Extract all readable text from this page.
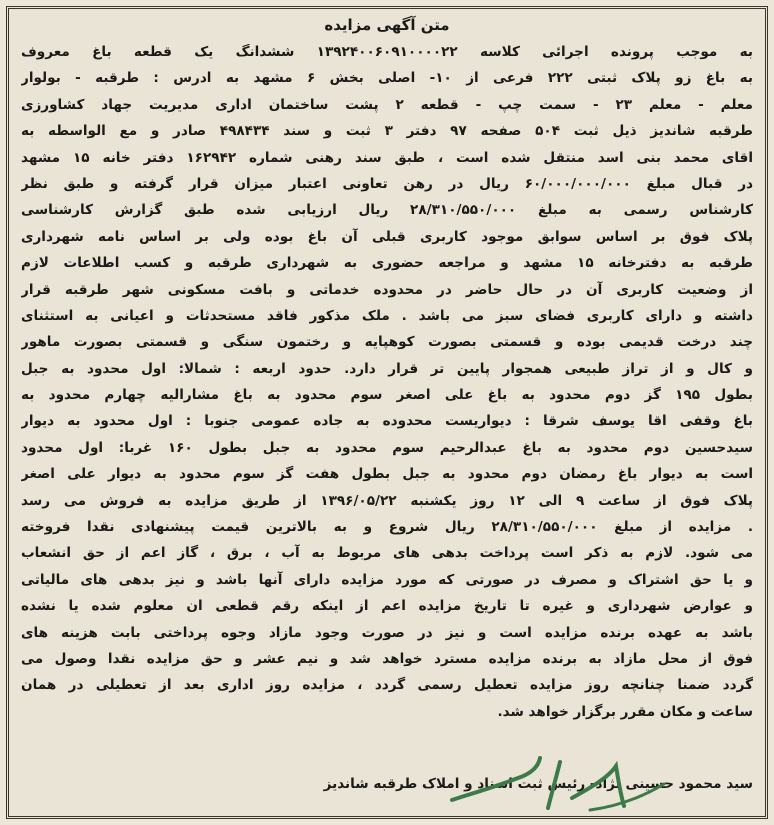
متن آگهی مزایده
به موجب پرونده اجرائی کلاسه ۱۳۹۲۴۰۰۶۰۹۱۰۰۰۰۲۲ ششدانگ یک قطعه باغ معروف
به باغ زو پلاک ثبتی ۲۲۲ فرعی از ۱۰- اصلی بخش ۶ مشهد به ادرس : طرقبه - بولوار
معلم - معلم ۲۳ - سمت چپ - قطعه ۲ پشت ساختمان اداری مدیریت جهاد کشاورزی
طرقبه شاندیز ذیل ثبت ۵۰۴ صفحه ۹۷ دفتر ۳ ثبت و سند ۴۹۸۴۳۴ صادر و مع الواسطه به
اقای محمد بنی اسد منتقل شده است ، طبق سند رهنی شماره ۱۶۲۹۴۲ دفتر خانه ۱۵ مشهد
در قبال مبلغ ۶۰/۰۰۰/۰۰۰/۰۰۰ ریال در رهن تعاونی اعتبار میزان قرار گرفته و طبق نظر
کارشناس رسمی به مبلغ ۲۸/۳۱۰/۵۵۰/۰۰۰ ریال ارزیابی شده طبق گزارش کارشناسی
پلاک فوق بر اساس سوابق موجود کاربری قبلی آن باغ بوده ولی بر اساس نامه شهرداری
طرقبه به دفترخانه ۱۵ مشهد و مراجعه حضوری به شهرداری طرقبه و کسب اطلاعات لازم
از وضعیت کاربری آن در حال حاضر در محدوده خدماتی و بافت مسکونی شهر طرقبه قرار
داشته و دارای کاربری فضای سبز می باشد . ملک مذکور فاقد مستحدثات و اعیانی به استثنای
چند درخت قدیمی بوده و قسمتی بصورت کوهپایه و رختمون سنگی و قسمتی بصورت ماهور
و کال و از تراز طبیعی همجوار پایین تر قرار دارد. حدود اربعه : شمالا: اول محدود به جبل
بطول ۱۹۵ گز دوم محدود به باغ علی اصغر سوم محدود به باغ مشارالیه چهارم محدود به
باغ وقفی اقا یوسف شرقا : دیواریست محدوده به جاده عمومی جنوبا : اول محدود به دیوار
سیدحسین دوم محدود به باغ عبدالرحیم سوم محدود به جبل بطول ۱۶۰ غربا: اول محدود
است به دیوار باغ رمضان دوم محدود به جبل بطول هفت گز سوم محدود به دیوار علی اصغر
پلاک فوق از ساعت ۹ الی ۱۲ روز یکشنبه ۱۳۹۶/۰۵/۲۲ از طریق مزایده به فروش می رسد
. مزایده از مبلغ ۲۸/۳۱۰/۵۵۰/۰۰۰ ریال شروع و به بالاترین قیمت پیشنهادی نقدا فروخته
می شود. لازم به ذکر است پرداخت بدهی های مربوط به آب ، برق ، گاز اعم از حق انشعاب
و یا حق اشتراک و مصرف در صورتی که مورد مزایده دارای آنها باشد و نیز بدهی های مالیاتی
و عوارض شهرداری و غیره تا تاریخ مزایده اعم از اینکه رقم قطعی ان معلوم شده یا نشده
باشد به عهده برنده مزایده است و نیز در صورت وجود مازاد وجوه پرداختی بابت هزینه های
فوق از محل مازاد به برنده مزایده مسترد خواهد شد و نیم عشر و حق مزایده نقدا وصول می
گردد ضمنا چنانچه روز مزایده تعطیل رسمی گردد ، مزایده روز اداری بعد از تعطیلی در همان
ساعت و مکان مقرر برگزار خواهد شد.
سید محمود حسینی نژاد- رئیس ثبت اسناد و املاک طرقبه شاندیز
